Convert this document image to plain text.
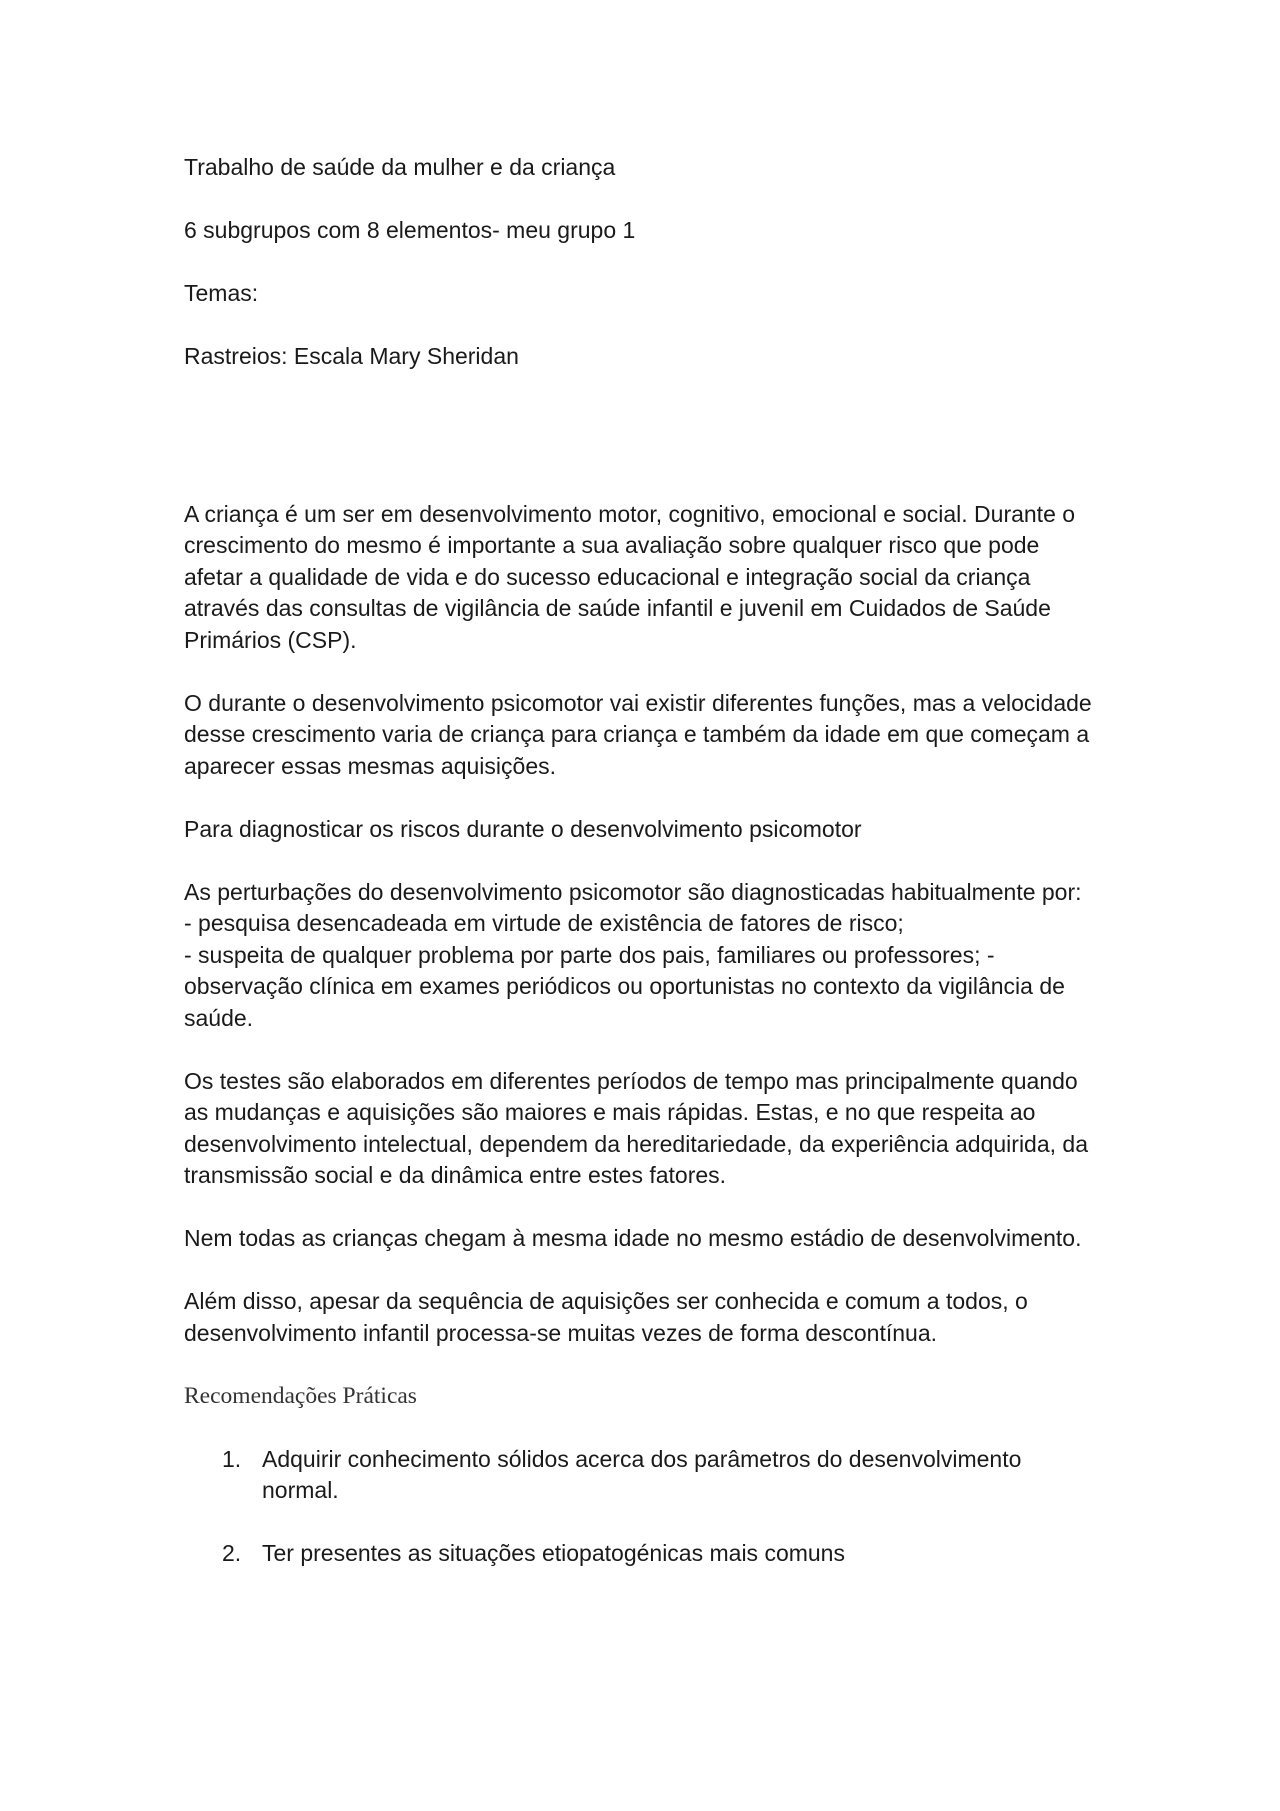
Trabalho de saúde da mulher e da criança

6 subgrupos com 8 elementos- meu grupo 1

Temas:

Rastreios: Escala Mary Sheridan

A criança é um ser em desenvolvimento motor, cognitivo, emocional e social. Durante o crescimento do mesmo é importante a sua avaliação sobre qualquer risco que pode afetar a qualidade de vida e do sucesso educacional e integração social da criança através das consultas de vigilância de saúde infantil e juvenil em Cuidados de Saúde Primários (CSP).

O durante o desenvolvimento psicomotor vai existir diferentes funções, mas a velocidade desse crescimento varia de criança para criança e também da idade em que começam a aparecer essas mesmas aquisições.

Para diagnosticar os riscos durante o desenvolvimento psicomotor

As perturbações do desenvolvimento psicomotor são diagnosticadas habitualmente por:
- pesquisa desencadeada em virtude de existência de fatores de risco;
- suspeita de qualquer problema por parte dos pais, familiares ou professores; - observação clínica em exames periódicos ou oportunistas no contexto da vigilância de saúde.

Os testes são elaborados em diferentes períodos de tempo mas principalmente quando as mudanças e aquisições são maiores e mais rápidas. Estas, e no que respeita ao desenvolvimento intelectual, dependem da hereditariedade, da experiência adquirida, da transmissão social e da dinâmica entre estes fatores.

Nem todas as crianças chegam à mesma idade no mesmo estádio de desenvolvimento.

Além disso, apesar da sequência de aquisições ser conhecida e comum a todos, o desenvolvimento infantil processa-se muitas vezes de forma descontínua.

Recomendações Práticas

1. Adquirir conhecimento sólidos acerca dos parâmetros do desenvolvimento normal.
2. Ter presentes as situações etiopatogénicas mais comuns
